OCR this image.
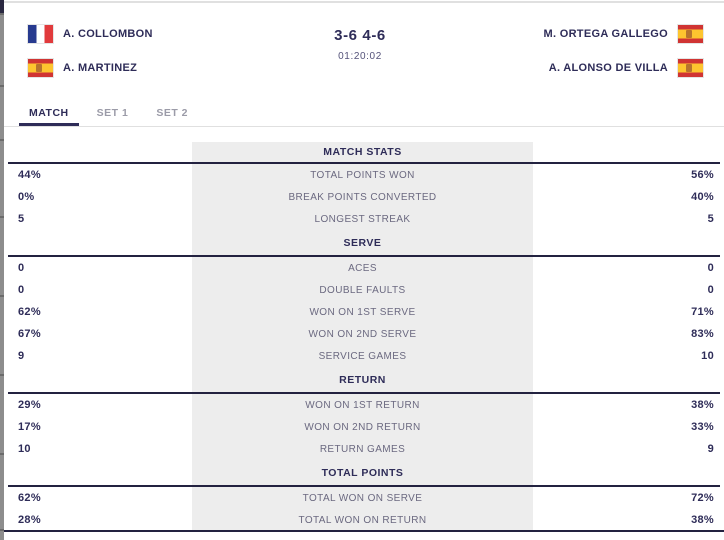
A. COLLOMBON
A. MARTINEZ
3-6 4-6
01:20:02
M. ORTEGA GALLEGO
A. ALONSO DE VILLA
MATCH	SET 1	SET 2
MATCH STATS
44%	TOTAL POINTS WON	56%
0%	BREAK POINTS CONVERTED	40%
5	LONGEST STREAK	5
SERVE
0	ACES	0
0	DOUBLE FAULTS	0
62%	WON ON 1ST SERVE	71%
67%	WON ON 2ND SERVE	83%
9	SERVICE GAMES	10
RETURN
29%	WON ON 1ST RETURN	38%
17%	WON ON 2ND RETURN	33%
10	RETURN GAMES	9
TOTAL POINTS
62%	TOTAL WON ON SERVE	72%
28%	TOTAL WON ON RETURN	38%
